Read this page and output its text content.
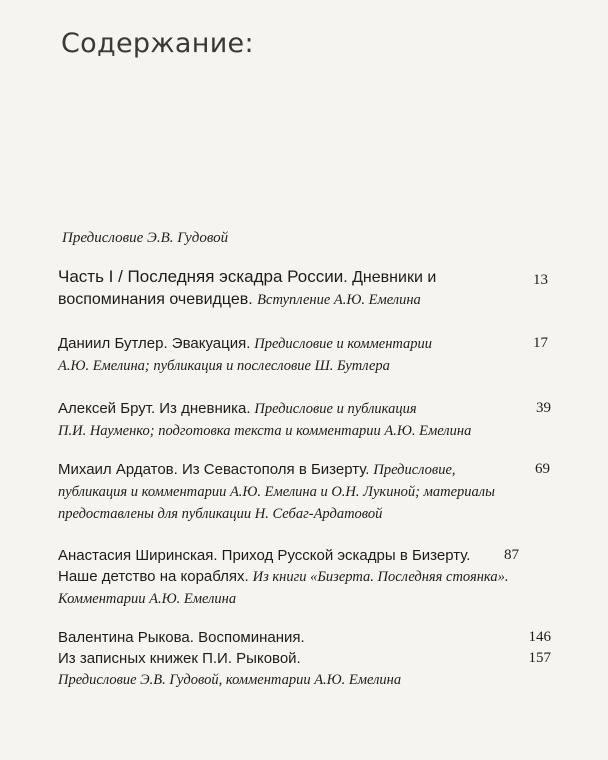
Содержание:
Предисловие Э.В. Гудовой
Часть I / Последняя эскадра России. Дневники и
воспоминания очевидцев. Вступление А.Ю. Емелина
13
Даниил Бутлер. Эвакуация. Предисловие и комментарии
А.Ю. Емелина; публикация и послесловие Ш. Бутлера
17
Алексей Брут. Из дневника. Предисловие и публикация
П.И. Науменко; подготовка текста и комментарии А.Ю. Емелина
39
Михаил Ардатов. Из Севастополя в Бизерту. Предисловие,
публикация и комментарии А.Ю. Емелина и О.Н. Лукиной; материалы
предоставлены для публикации Н. Себаг-Ардатовой
69
Анастасия Ширинская. Приход Русской эскадры в Бизерту.
Наше детство на кораблях. Из книги «Бизерта. Последняя стоянка».
Комментарии А.Ю. Емелина
87
Валентина Рыкова. Воспоминания.
Из записных книжек П.И. Рыковой.
Предисловие Э.В. Гудовой, комментарии А.Ю. Емелина
146
157
